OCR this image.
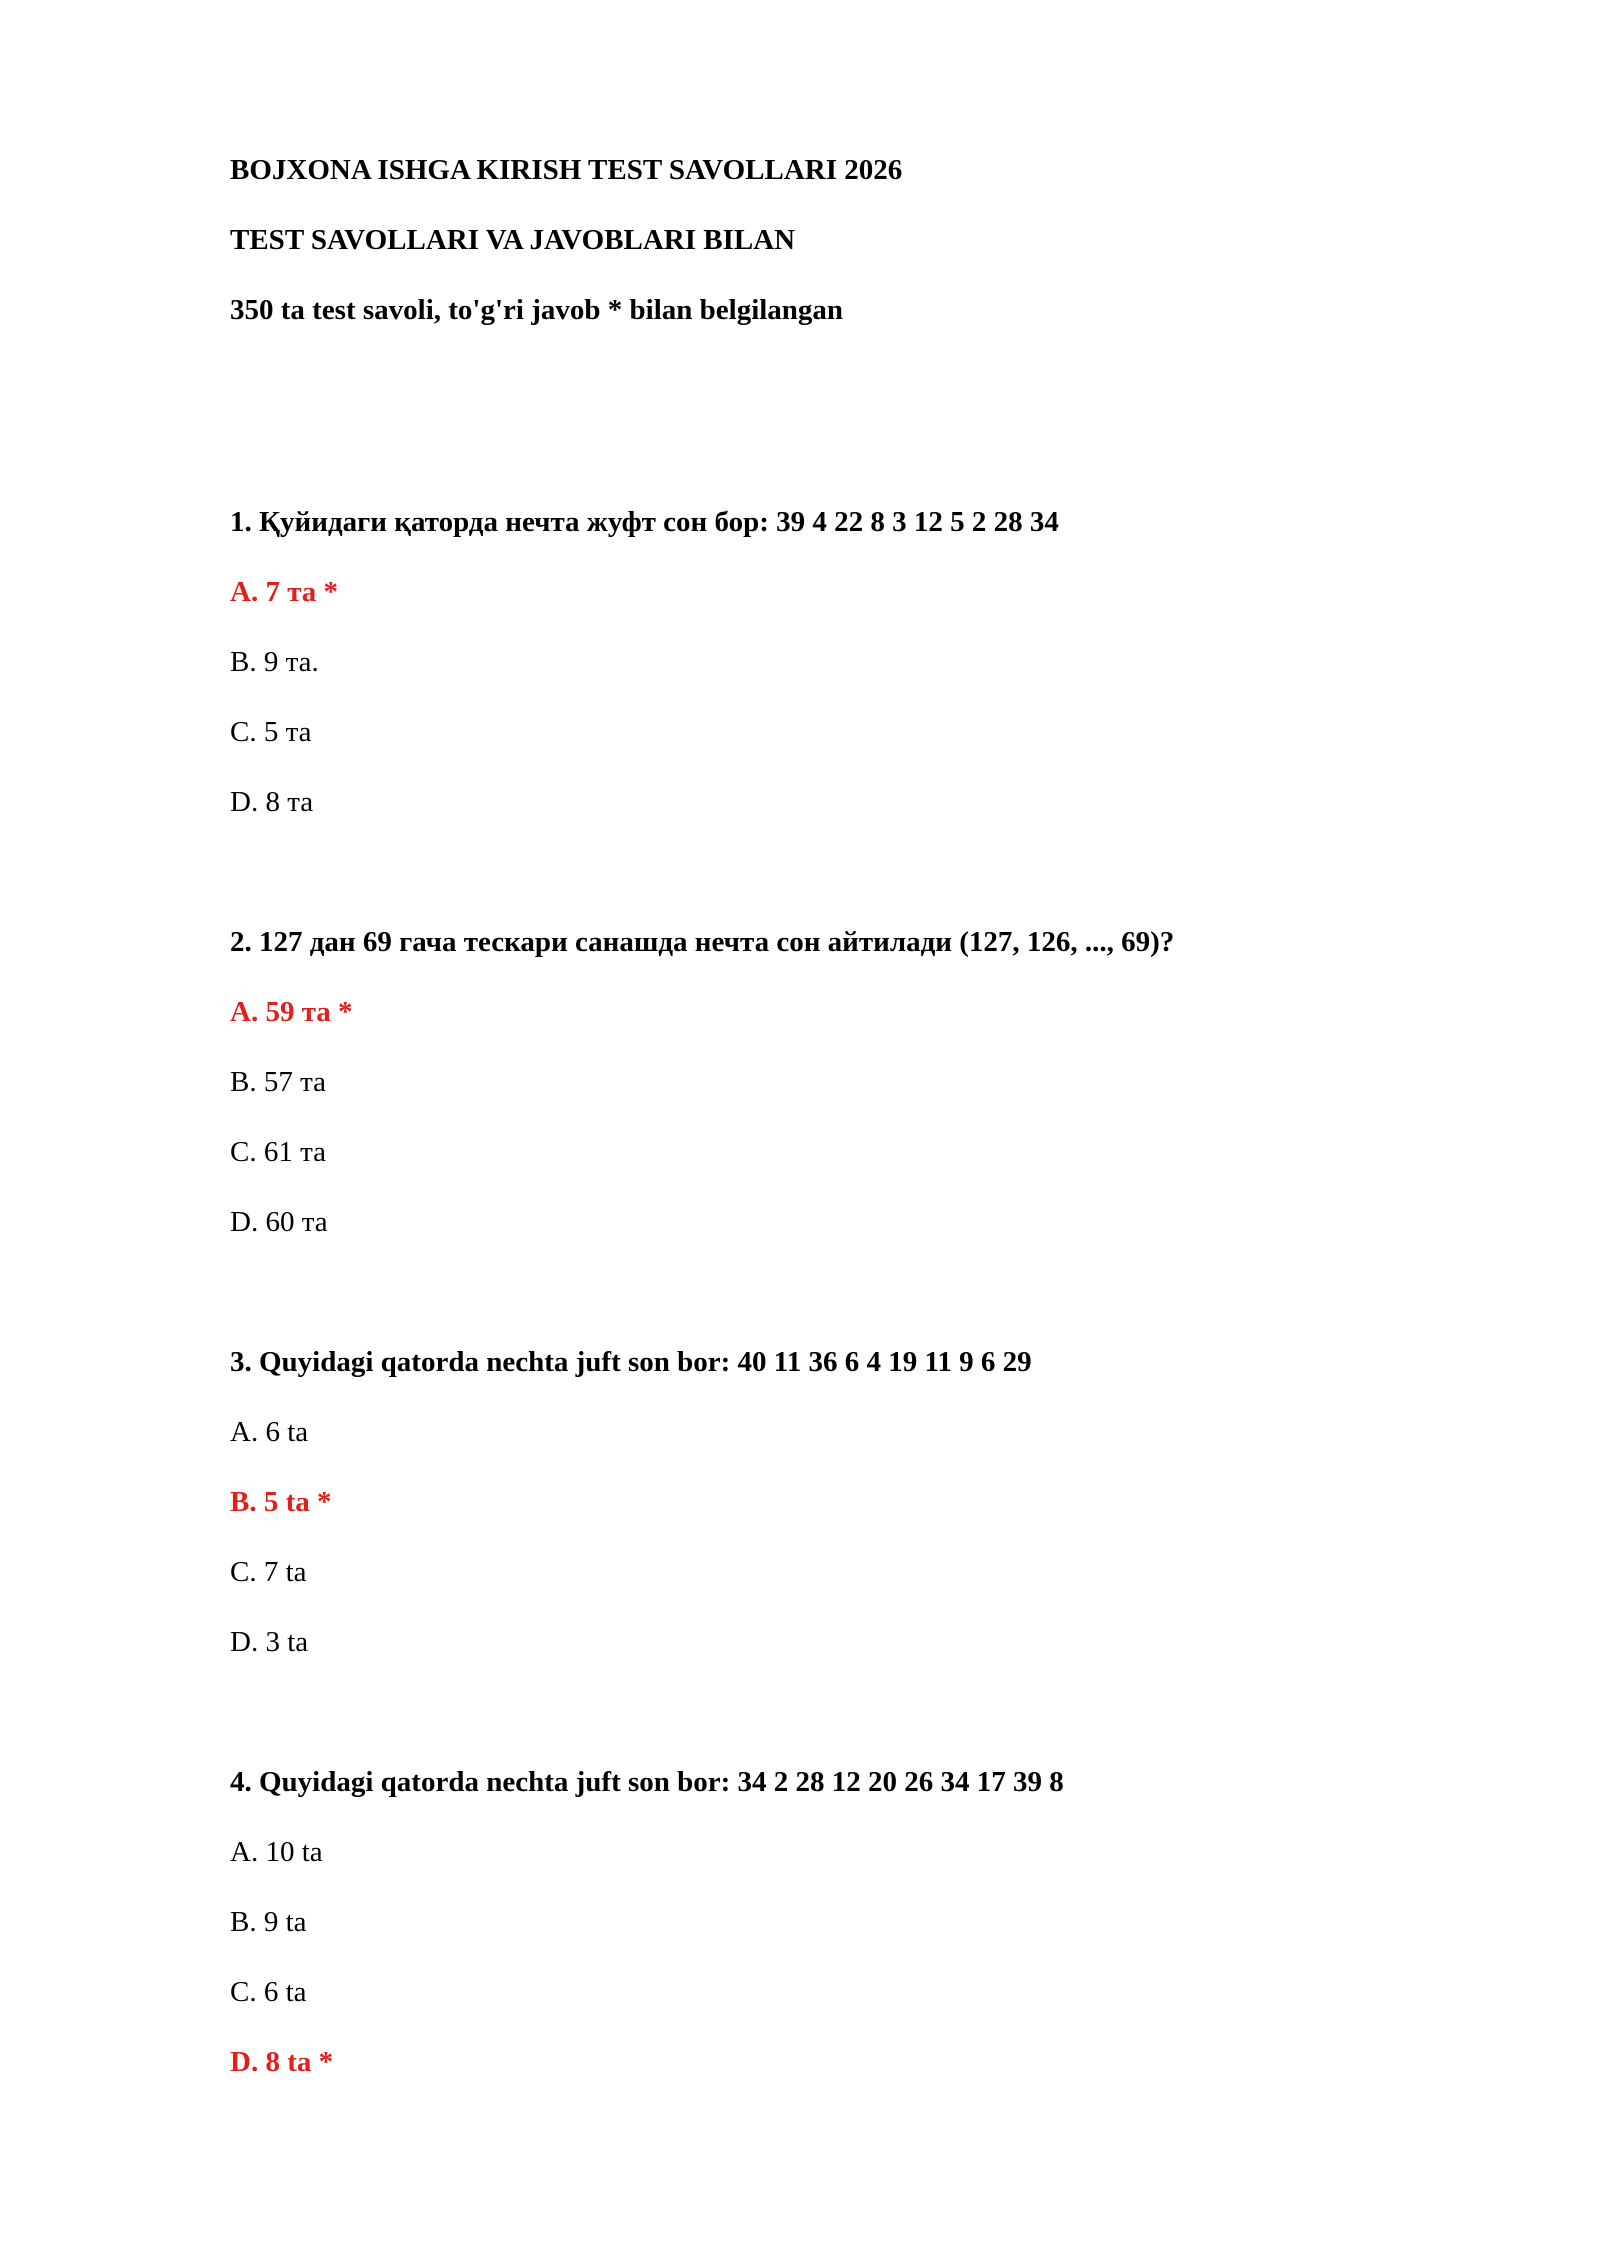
BOJXONA ISHGA KIRISH TEST SAVOLLARI 2026
TEST SAVOLLARI VA JAVOBLARI BILAN
350 ta test savoli, to'g'ri javob * bilan belgilangan

1. Қуйидаги қаторда нечта жуфт сон бор: 39 4 22 8 3 12 5 2 28 34

A. 7 та *
B. 9 та.
C. 5 та
D. 8 та

2. 127 дан 69 гача тескари санашда нечта сон айтилади (127, 126, ..., 69)?

A. 59 та *
B. 57 та
C. 61 та
D. 60 та

3. Quyidagi qatorda nechta juft son bor: 40 11 36 6 4 19 11 9 6 29

A. 6 ta
B. 5 ta *
C. 7 ta
D. 3 ta

4. Quyidagi qatorda nechta juft son bor: 34 2 28 12 20 26 34 17 39 8

A. 10 ta
B. 9 ta
C. 6 ta
D. 8 ta *
